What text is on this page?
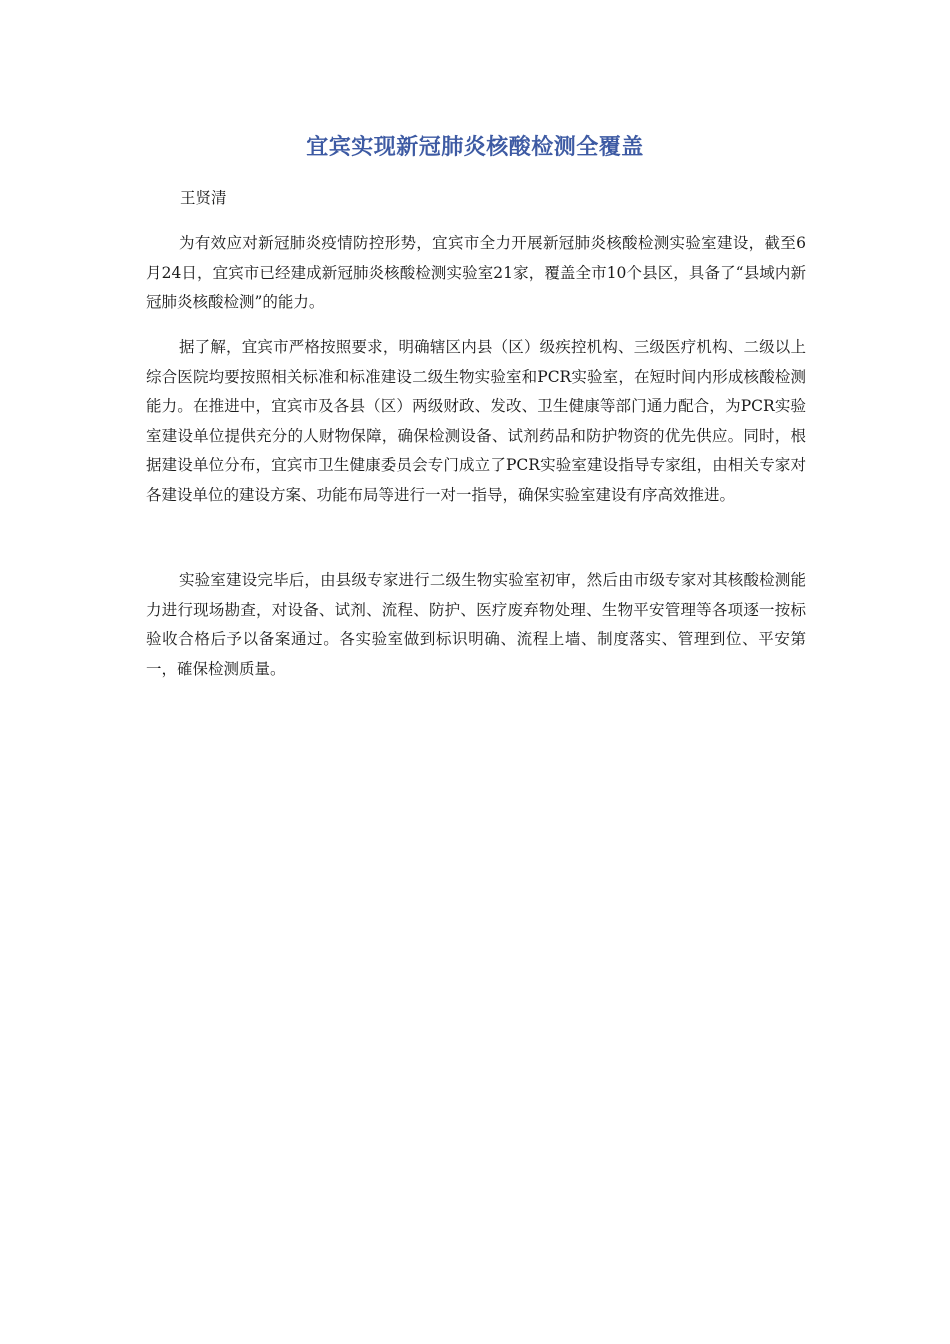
宜宾实现新冠肺炎核酸检测全覆盖
王贤清

为有效应对新冠肺炎疫情防控形势，宜宾市全力开展新冠肺炎核酸检测实验室建设，截至6月24日，宜宾市已经建成新冠肺炎核酸检测实验室21家，覆盖全市10个县区，具备了“县域内新冠肺炎核酸检测”的能力。

据了解，宜宾市严格按照要求，明确辖区内县（区）级疾控机构、三级医疗机构、二级以上综合医院均要按照相关标准和标准建设二级生物实验室和PCR实验室，在短时间内形成核酸检测能力。在推进中，宜宾市及各县（区）两级财政、发改、卫生健康等部门通力配合，为PCR实验室建设单位提供充分的人财物保障，确保检测设备、试剂药品和防护物资的优先供应。同时，根据建设单位分布，宜宾市卫生健康委员会专门成立了PCR实验室建设指导专家组，由相关专家对各建设单位的建设方案、功能布局等进行一对一指导，确保实验室建设有序高效推进。

实验室建设完毕后，由县级专家进行二级生物实验室初审，然后由市级专家对其核酸检测能力进行现场勘查，对设备、试剂、流程、防护、医疗废弃物处理、生物平安管理等各项逐一按标验收合格后予以备案通过。各实验室做到标识明确、流程上墙、制度落实、管理到位、平安第一，確保检测质量。
